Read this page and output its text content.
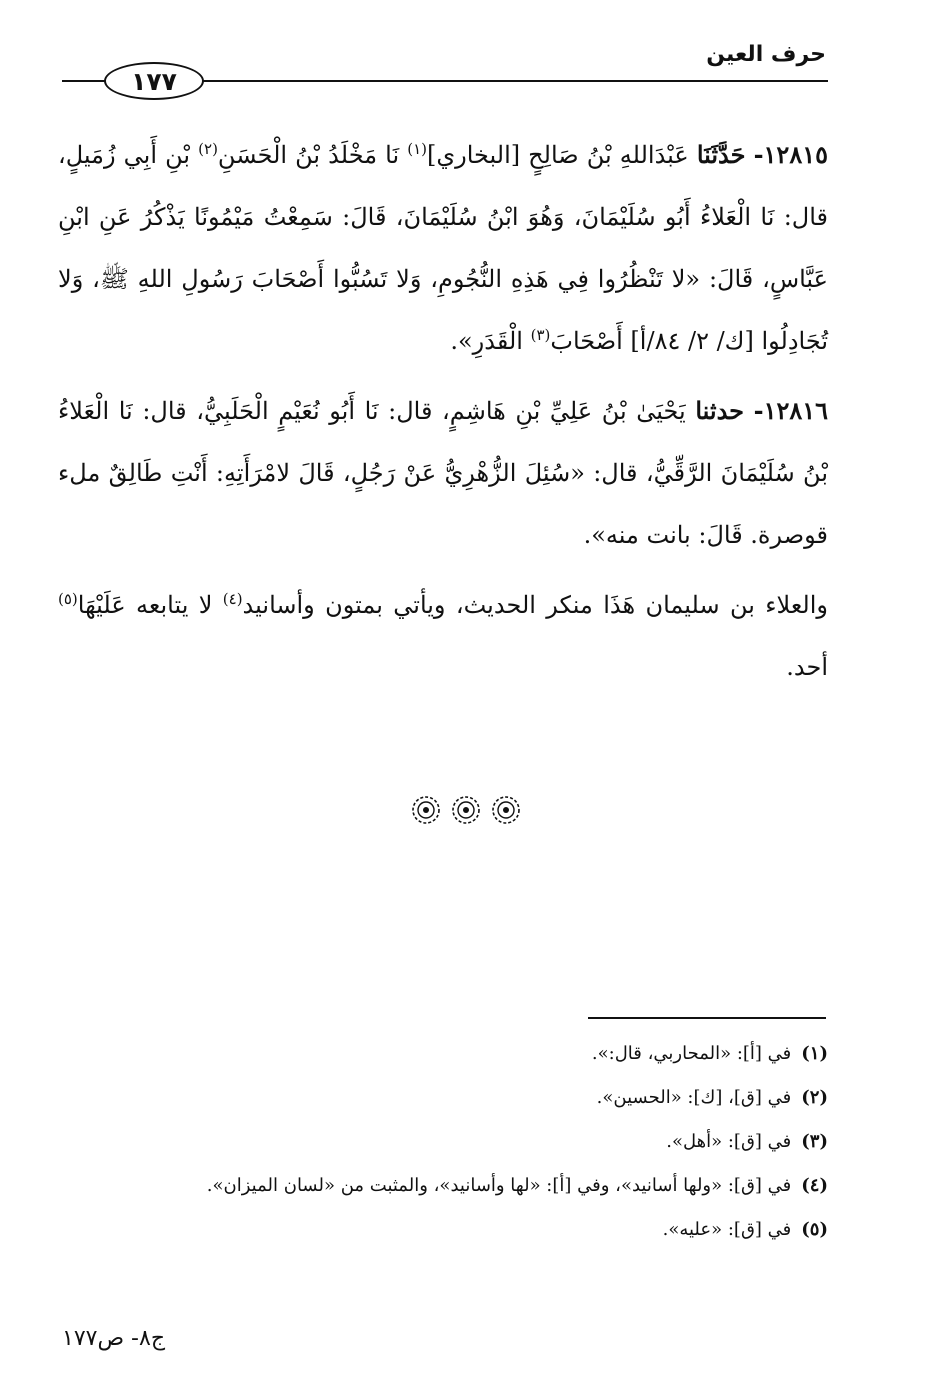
حرف العين
١٧٧

١٢٨١٥- حَدَّثَنَا عَبْدَاللهِ بْنُ صَالِحٍ [البخاري]$^{(١)}$ نَا مَخْلَدُ بْنُ الْحَسَنِ$^{(٢)}$ بْنِ أَبِي زُمَيلٍ، قال: نَا الْعَلاءُ أَبُو سُلَيْمَانَ، وَهُوَ ابْنُ سُلَيْمَانَ، قَالَ: سَمِعْتُ مَيْمُونًا يَذْكُرُ عَنِ ابْنِ عَبَّاسٍ، قَالَ: «لا تَنْظُرُوا فِي هَذِهِ النُّجُومِ، وَلا تَسُبُّوا أَصْحَابَ رَسُولِ اللهِ ﷺ، وَلا تُجَادِلُوا [ك/ ٢/ ٨٤/أ] أَصْحَابَ$^{(٣)}$ الْقَدَرِ».

١٢٨١٦- حدثنا يَحْيَىٰ بْنُ عَلِيِّ بْنِ هَاشِمٍ، قال: نَا أَبُو نُعَيْمٍ الْحَلَبِيُّ، قال: نَا الْعَلاءُ بْنُ سُلَيْمَانَ الرَّقِّيُّ، قال: «سُئِلَ الزُّهْرِيُّ عَنْ رَجُلٍ، قَالَ لامْرَأَتِهِ: أَنْتِ طَالِقٌ ملء قوصرة. قَالَ: بانت منه».

والعلاء بن سليمان هَذَا منكر الحديث، ويأتي بمتون وأسانيد$^{(٤)}$ لا يتابعه عَلَيْهَا$^{(٥)}$ أحد.

(١)في [أ]: «المحاربي، قال:».
(٢)في [ق]، [ك]: «الحسين».
(٣)في [ق]: «أهل».
(٤)في [ق]: «ولها أسانيد»، وفي [أ]: «لها وأسانيد»، والمثبت من «لسان الميزان».
(٥)في [ق]: «عليه».
ج٨- ص١٧٧
